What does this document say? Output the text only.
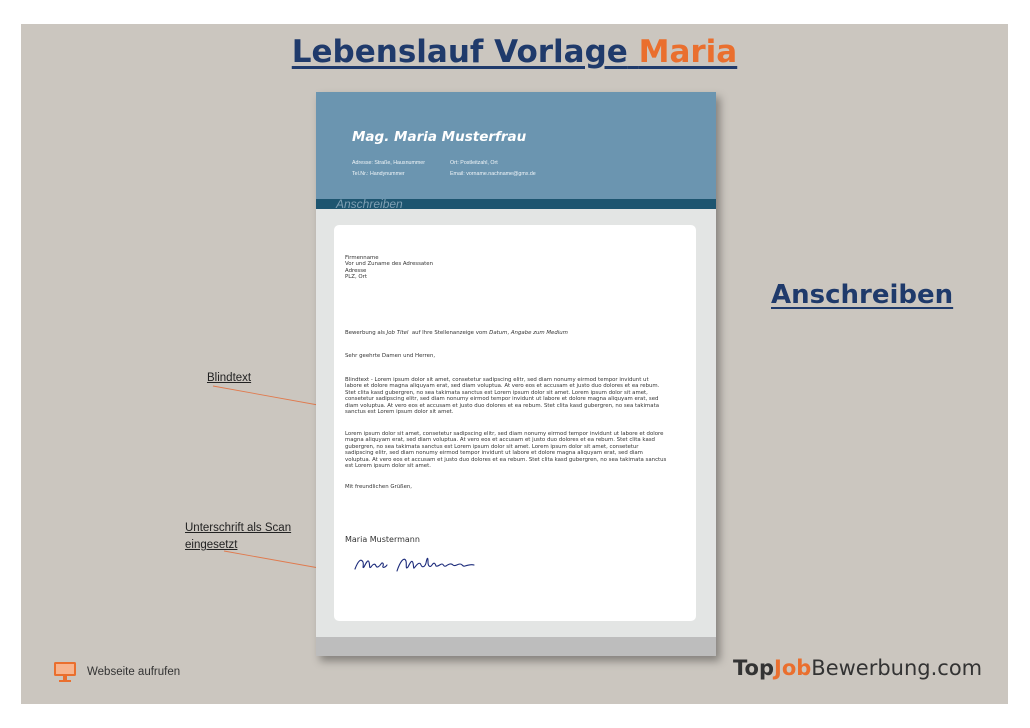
Lebenslauf Vorlage Maria
Anschreiben
Blindtext
Unterschrift als Scan
eingesetzt
Mag. Maria Musterfrau
Adresse: Straße, Hausnummer	Ort: Postleitzahl, Ort
Tel.Nr.: Handynummer	Email: vorname.nachname@gmx.de
Anschreiben
Firmenname
Vor und Zuname des Adressaten
Adresse
PLZ, Ort
Bewerbung als Job Titel  auf Ihre Stellenanzeige vom Datum, Angabe zum Medium
Sehr geehrte Damen und Herren,
Blindtext - Lorem ipsum dolor sit amet, consetetur sadipscing elitr, sed diam nonumy eirmod tempor invidunt ut labore et dolore magna aliquyam erat, sed diam voluptua. At vero eos et accusam et justo duo dolores et ea rebum. Stet clita kasd gubergren, no sea takimata sanctus est Lorem ipsum dolor sit amet. Lorem ipsum dolor sit amet, consetetur sadipscing elitr, sed diam nonumy eirmod tempor invidunt ut labore et dolore magna aliquyam erat, sed diam voluptua. At vero eos et accusam et justo duo dolores et ea rebum. Stet clita kasd gubergren, no sea takimata sanctus est Lorem ipsum dolor sit amet.
Lorem ipsum dolor sit amet, consetetur sadipscing elitr, sed diam nonumy eirmod tempor invidunt ut labore et dolore magna aliquyam erat, sed diam voluptua. At vero eos et accusam et justo duo dolores et ea rebum. Stet clita kasd gubergren, no sea takimata sanctus est Lorem ipsum dolor sit amet. Lorem ipsum dolor sit amet, consetetur sadipscing elitr, sed diam nonumy eirmod tempor invidunt ut labore et dolore magna aliquyam erat, sed diam voluptua. At vero eos et accusam et justo duo dolores et ea rebum. Stet clita kasd gubergren, no sea takimata sanctus est Lorem ipsum dolor sit amet.
Mit freundlichen Grüßen,
Maria Mustermann
Webseite aufrufen	TopJobBewerbung.com
